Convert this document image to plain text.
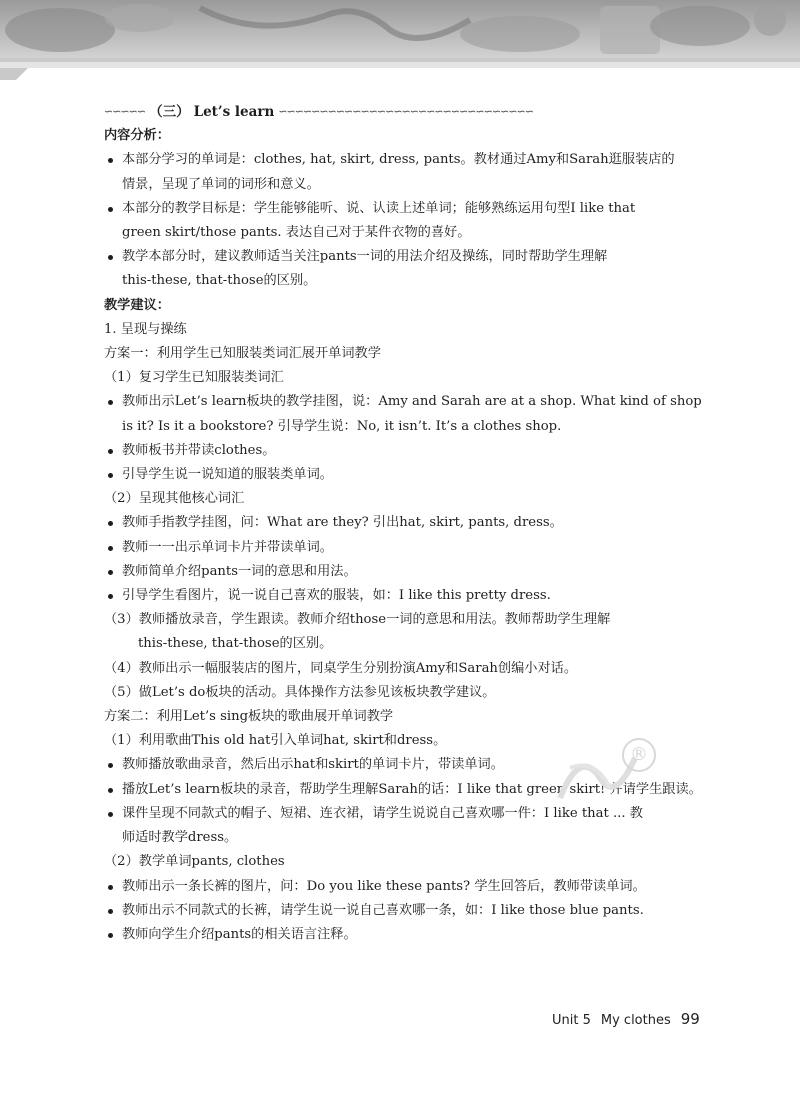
∽∽∽∽∽ （三） Let’s learn ∽∽∽∽∽∽∽∽∽∽∽∽∽∽∽∽∽∽∽∽∽∽∽∽∽∽∽∽∽∽∽

内容分析：

本部分学习的单词是：clothes, hat, skirt, dress, pants。教材通过Amy和Sarah逛服装店的
情景，呈现了单词的词形和意义。

本部分的教学目标是：学生能够能听、说、认读上述单词；能够熟练运用句型I like that
green skirt/those pants. 表达自己对于某件衣物的喜好。

教学本部分时，建议教师适当关注pants一词的用法介绍及操练，同时帮助学生理解
this-these, that-those的区别。

教学建议：

1. 呈现与操练

方案一：利用学生已知服装类词汇展开单词教学

（1）复习学生已知服装类词汇

教师出示Let’s learn板块的教学挂图，说：Amy and Sarah are at a shop. What kind of shop
is it? Is it a bookstore? 引导学生说：No, it isn’t. It’s a clothes shop.

教师板书并带读clothes。

引导学生说一说知道的服装类单词。

（2）呈现其他核心词汇

教师手指教学挂图，问：What are they? 引出hat, skirt, pants, dress。

教师一一出示单词卡片并带读单词。

教师简单介绍pants一词的意思和用法。

引导学生看图片，说一说自己喜欢的服装，如：I like this pretty dress.

（3）教师播放录音，学生跟读。教师介绍those一词的意思和用法。教师帮助学生理解
this-these, that-those的区别。

（4）教师出示一幅服装店的图片，同桌学生分别扮演Amy和Sarah创编小对话。

（5）做Let’s do板块的活动。具体操作方法参见该板块教学建议。

方案二：利用Let’s sing板块的歌曲展开单词教学

（1）利用歌曲This old hat引入单词hat, skirt和dress。

教师播放歌曲录音，然后出示hat和skirt的单词卡片，带读单词。

播放Let’s learn板块的录音，帮助学生理解Sarah的话：I like that green skirt! 并请学生跟读。

课件呈现不同款式的帽子、短裙、连衣裙，请学生说说自己喜欢哪一件：I like that ... 教
师适时教学dress。

（2）教学单词pants, clothes

教师出示一条长裤的图片，问：Do you like these pants? 学生回答后，教师带读单词。

教师出示不同款式的长裤，请学生说一说自己喜欢哪一条，如：I like those blue pants.

教师向学生介绍pants的相关语言注释。

®
Unit 5 My clothes 99
